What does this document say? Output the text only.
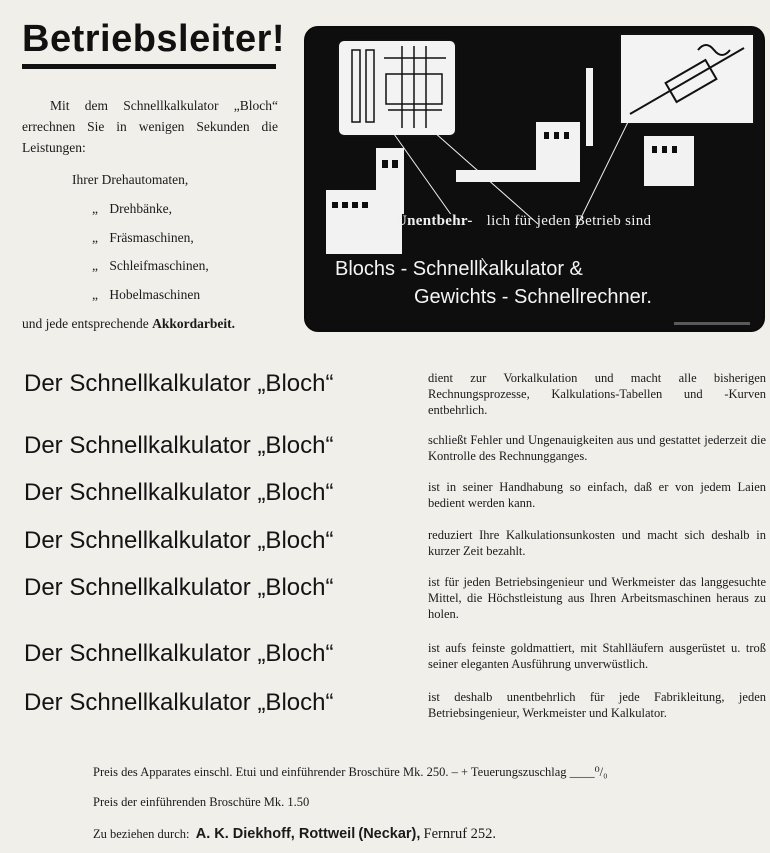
Betriebsleiter!
Mit dem Schnellkalkulator „Bloch“ errechnen Sie in wenigen Sekunden die Leistungen:
Ihrer Drehautomaten,
„ Drehbänke,
„ Fräsmaschinen,
„ Schleifmaschinen,
„ Hobelmaschinen
und jede entsprechende Akkordarbeit.
Unentbehr- lich für jeden Betrieb sind
Blochs - Schnellkalkulator &
Gewichts - Schnellrechner.
Der Schnellkalkulator „Bloch“	dient zur Vorkalkulation und macht alle bisherigen Rechnungsprozesse, Kalkulations-Tabellen und -Kurven entbehrlich.
Der Schnellkalkulator „Bloch“	schließt Fehler und Ungenauigkeiten aus und gestattet jederzeit die Kontrolle des Rechnungganges.
Der Schnellkalkulator „Bloch“	ist in seiner Handhabung so einfach, daß er von jedem Laien bedient werden kann.
Der Schnellkalkulator „Bloch“	reduziert Ihre Kalkulationsunkosten und macht sich deshalb in kurzer Zeit bezahlt.
Der Schnellkalkulator „Bloch“	ist für jeden Betriebsingenieur und Werkmeister das langgesuchte Mittel, die Höchstleistung aus Ihren Arbeitsmaschinen heraus zu holen.
Der Schnellkalkulator „Bloch“	ist aufs feinste goldmattiert, mit Stahlläufern ausgerüstet u. troß seiner eleganten Ausführung unverwüstlich.
Der Schnellkalkulator „Bloch“	ist deshalb unentbehrlich für jede Fabrikleitung, jeden Betriebsingenieur, Werkmeister und Kalkulator.
Preis des Apparates einschl. Etui und einführender Broschüre Mk. 250. – + Teuerungszuschlag ____⁰/₀
Preis der einführenden Broschüre Mk. 1.50
Zu beziehen durch: A. K. Diekhoff, Rottweil (Neckar), Fernruf 252.
